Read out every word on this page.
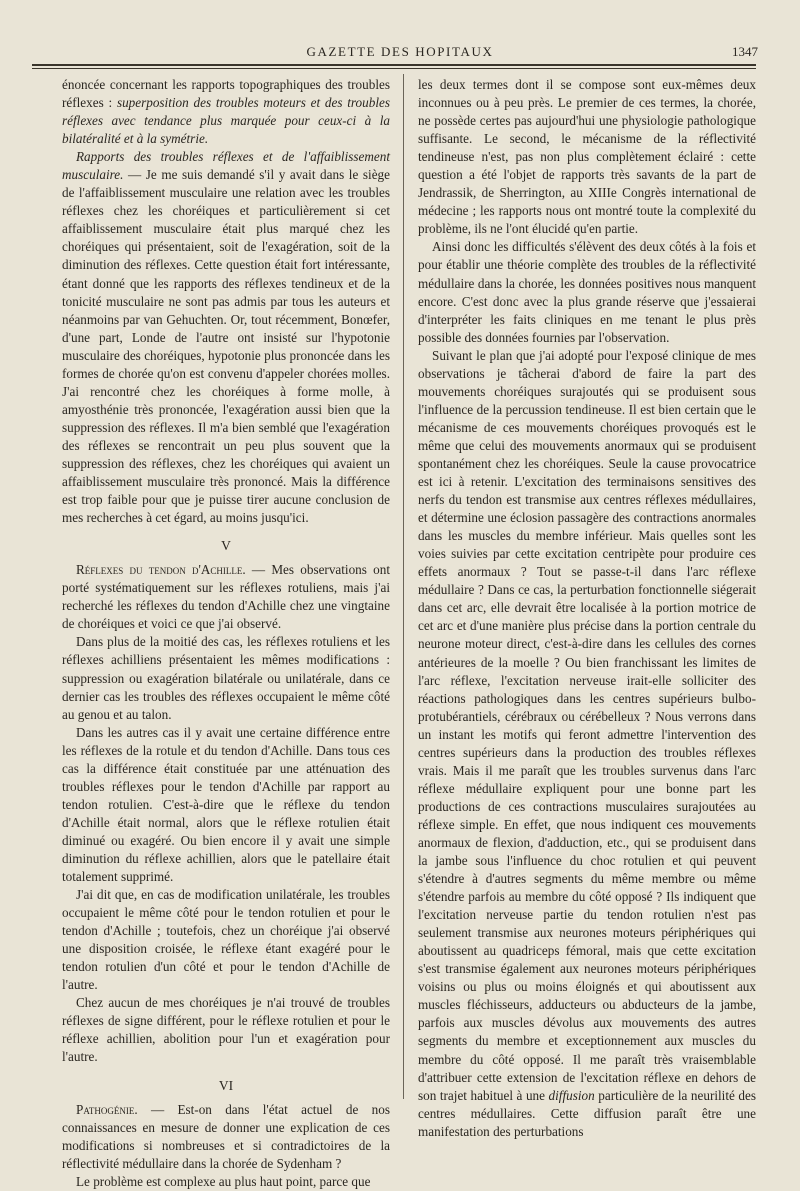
GAZETTE DES HOPITAUX	1347

énoncée concernant les rapports topographiques des troubles réflexes : superposition des troubles moteurs et des troubles réflexes avec tendance plus marquée pour ceux-ci à la bilatéralité et à la symétrie.

Rapports des troubles réflexes et de l'affaiblissement musculaire. — Je me suis demandé s'il y avait dans le siège de l'affaiblissement musculaire une relation avec les troubles réflexes chez les choréiques et particulièrement si cet affaiblissement musculaire était plus marqué chez les choréiques qui présentaient, soit de l'exagération, soit de la diminution des réflexes. Cette question était fort intéressante, étant donné que les rapports des réflexes tendineux et de la tonicité musculaire ne sont pas admis par tous les auteurs et néanmoins par van Gehuchten. Or, tout récemment, Bonœfer, d'une part, Londe de l'autre ont insisté sur l'hypotonie musculaire des choréiques, hypotonie plus prononcée dans les formes de chorée qu'on est convenu d'appeler chorées molles. J'ai rencontré chez les choréiques à forme molle, à amyosthénie très prononcée, l'exagération aussi bien que la suppression des réflexes. Il m'a bien semblé que l'exagération des réflexes se rencontrait un peu plus souvent que la suppression des réflexes, chez les choréiques qui avaient un affaiblissement musculaire très prononcé. Mais la différence est trop faible pour que je puisse tirer aucune conclusion de mes recherches à cet égard, au moins jusqu'ici.

V

Réflexes du tendon d'Achille. — Mes observations ont porté systématiquement sur les réflexes rotuliens, mais j'ai recherché les réflexes du tendon d'Achille chez une vingtaine de choréiques et voici ce que j'ai observé.

Dans plus de la moitié des cas, les réflexes rotuliens et les réflexes achilliens présentaient les mêmes modifications : suppression ou exagération bilatérale ou unilatérale, dans ce dernier cas les troubles des réflexes occupaient le même côté au genou et au talon.

Dans les autres cas il y avait une certaine différence entre les réflexes de la rotule et du tendon d'Achille. Dans tous ces cas la différence était constituée par une atténuation des troubles réflexes pour le tendon d'Achille par rapport au tendon rotulien. C'est-à-dire que le réflexe du tendon d'Achille était normal, alors que le réflexe rotulien était diminué ou exagéré. Ou bien encore il y avait une simple diminution du réflexe achillien, alors que le patellaire était totalement supprimé.

J'ai dit que, en cas de modification unilatérale, les troubles occupaient le même côté pour le tendon rotulien et pour le tendon d'Achille ; toutefois, chez un choréique j'ai observé une disposition croisée, le réflexe étant exagéré pour le tendon rotulien d'un côté et pour le tendon d'Achille de l'autre.

Chez aucun de mes choréiques je n'ai trouvé de troubles réflexes de signe différent, pour le réflexe rotulien et pour le réflexe achillien, abolition pour l'un et exagération pour l'autre.

VI

Pathogénie. — Est-on dans l'état actuel de nos connaissances en mesure de donner une explication de ces modifications si nombreuses et si contradictoires de la réflectivité médullaire dans la chorée de Sydenham ?

Le problème est complexe au plus haut point, parce que

les deux termes dont il se compose sont eux-mêmes deux inconnues ou à peu près. Le premier de ces termes, la chorée, ne possède certes pas aujourd'hui une physiologie pathologique suffisante. Le second, le mécanisme de la réflectivité tendineuse n'est, pas non plus complètement éclairé : cette question a été l'objet de rapports très savants de la part de Jendrassik, de Sherrington, au XIIIe Congrès international de médecine ; les rapports nous ont montré toute la complexité du problème, ils ne l'ont élucidé qu'en partie.

Ainsi donc les difficultés s'élèvent des deux côtés à la fois et pour établir une théorie complète des troubles de la réflectivité médullaire dans la chorée, les données positives nous manquent encore. C'est donc avec la plus grande réserve que j'essaierai d'interpréter les faits cliniques en me tenant le plus près possible des données fournies par l'observation.

Suivant le plan que j'ai adopté pour l'exposé clinique de mes observations je tâcherai d'abord de faire la part des mouvements choréiques surajoutés qui se produisent sous l'influence de la percussion tendineuse. Il est bien certain que le mécanisme de ces mouvements choréiques provoqués est le même que celui des mouvements anormaux qui se produisent spontanément chez les choréiques. Seule la cause provocatrice est ici à retenir. L'excitation des terminaisons sensitives des nerfs du tendon est transmise aux centres réflexes médullaires, et détermine une éclosion passagère des contractions anormales dans les muscles du membre inférieur. Mais quelles sont les voies suivies par cette excitation centripète pour produire ces effets anormaux ? Tout se passe-t-il dans l'arc réflexe médullaire ? Dans ce cas, la perturbation fonctionnelle siégerait dans cet arc, elle devrait être localisée à la portion motrice de cet arc et d'une manière plus précise dans la portion centrale du neurone moteur direct, c'est-à-dire dans les cellules des cornes antérieures de la moelle ? Ou bien franchissant les limites de l'arc réflexe, l'excitation nerveuse irait-elle solliciter des réactions pathologiques dans les centres supérieurs bulbo-protubérantiels, cérébraux ou cérébelleux ? Nous verrons dans un instant les motifs qui feront admettre l'intervention des centres supérieurs dans la production des troubles réflexes vrais. Mais il me paraît que les troubles survenus dans l'arc réflexe médullaire expliquent pour une bonne part les productions de ces contractions musculaires surajoutées au réflexe simple. En effet, que nous indiquent ces mouvements anormaux de flexion, d'adduction, etc., qui se produisent dans la jambe sous l'influence du choc rotulien et qui peuvent s'étendre à d'autres segments du même membre ou même s'étendre parfois au membre du côté opposé ? Ils indiquent que l'excitation nerveuse partie du tendon rotulien n'est pas seulement transmise aux neurones moteurs périphériques qui aboutissent au quadriceps fémoral, mais que cette excitation s'est transmise également aux neurones moteurs périphériques voisins ou plus ou moins éloignés et qui aboutissent aux muscles fléchisseurs, adducteurs ou abducteurs de la jambe, parfois aux muscles dévolus aux mouvements des autres segments du membre et exceptionnement aux muscles du membre du côté opposé. Il me paraît très vraisemblable d'attribuer cette extension de l'excitation réflexe en dehors de son trajet habituel à une diffusion particulière de la neurilité des centres médullaires. Cette diffusion paraît être une manifestation des perturbations
